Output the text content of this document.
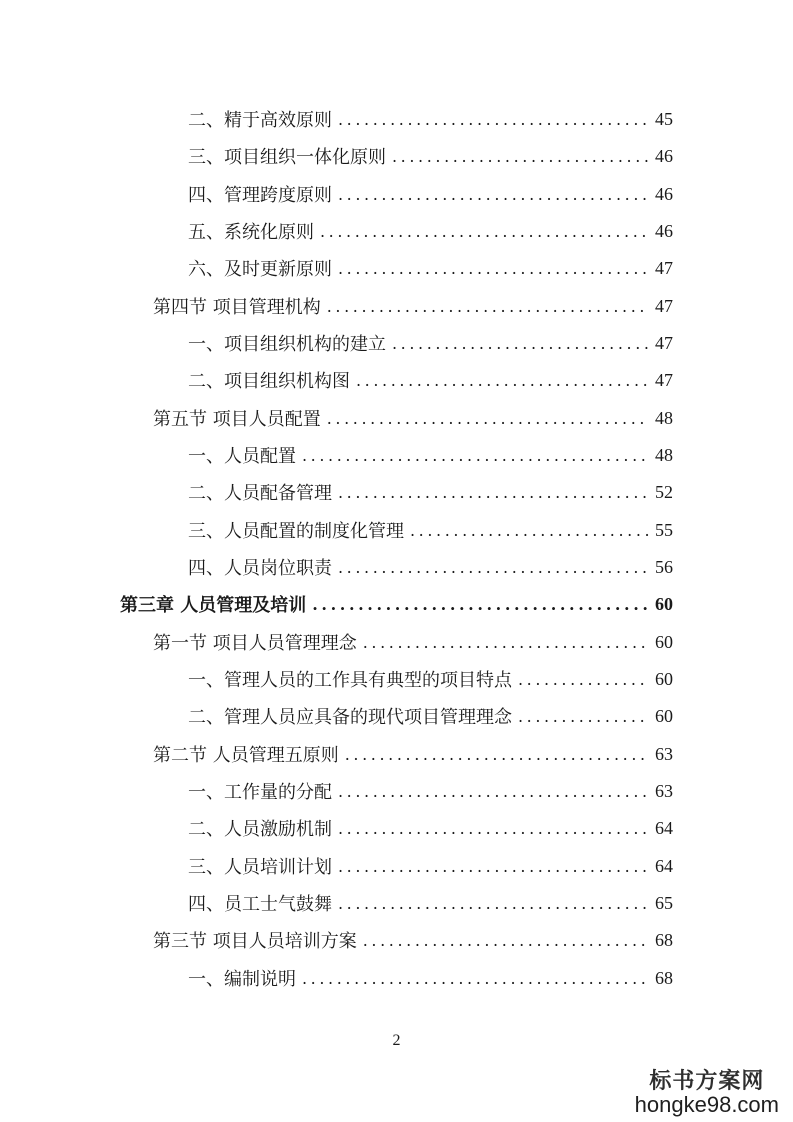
二、精于高效原则 .....	45
三、项目组织一体化原则 .....	46
四、管理跨度原则 .....	46
五、系统化原则 .....	46
六、及时更新原则 .....	47
第四节 项目管理机构 .....	47
一、项目组织机构的建立 .....	47
二、项目组织机构图 .....	47
第五节 项目人员配置 .....	48
一、人员配置 .....	48
二、人员配备管理 .....	52
三、人员配置的制度化管理 .....	55
四、人员岗位职责 .....	56
第三章 人员管理及培训 .....	60
第一节 项目人员管理理念 .....	60
一、管理人员的工作具有典型的项目特点 .....	60
二、管理人员应具备的现代项目管理理念 .....	60
第二节 人员管理五原则 .....	63
一、工作量的分配 .....	63
二、人员激励机制 .....	64
三、人员培训计划 .....	64
四、员工士气鼓舞 .....	65
第三节 项目人员培训方案 .....	68
一、编制说明 .....	68
2
标书方案网
hongke98.com
